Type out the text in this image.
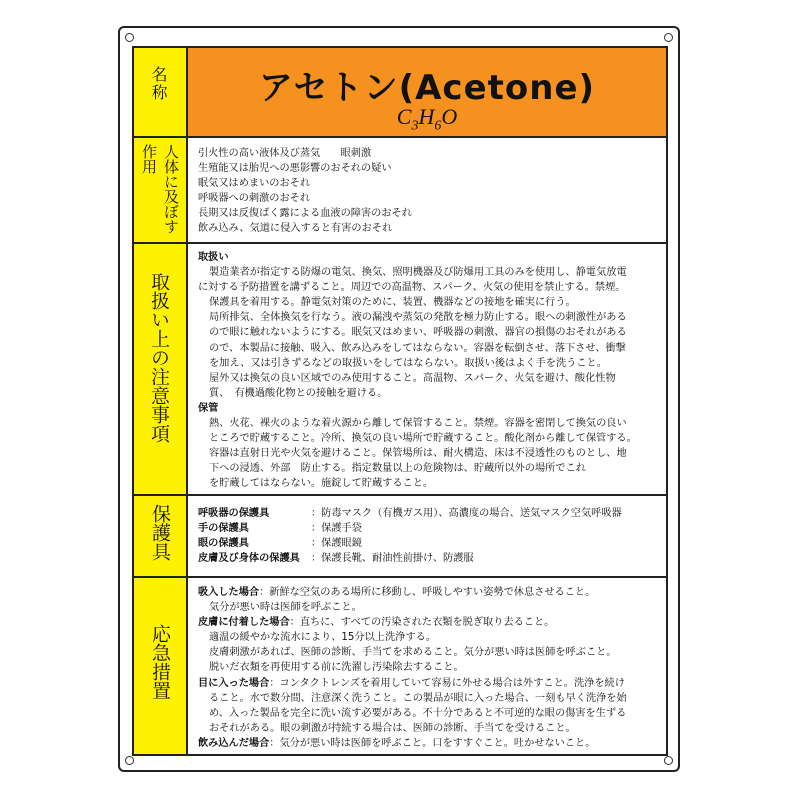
名称	アセトン(Acetone)
$C_3H_6O$
人体に及ぼす作用	引火性の高い液体及び蒸気　　眼刺激
生殖能又は胎児への悪影響のおそれの疑い
眠気又はめまいのおそれ
呼吸器への刺激のおそれ
長期又は反復ばく露による血液の障害のおそれ
飲み込み、気道に侵入すると有害のおそれ
取扱い上の注意事項
取扱い
製造業者が指定する防爆の電気、換気、照明機器及び防爆用工具のみを使用し、静電気放電
に対する予防措置を講ずること。周辺での高温物、スパーク、火気の使用を禁止する。禁煙。
保護具を着用する。静電気対策のために、装置、機器などの接地を確実に行う。
局所排気、全体換気を行なう。液の漏洩や蒸気の発散を極力防止する。眼への刺激性がある
ので眼に触れないようにする。眠気又はめまい、呼吸器の刺激、器官の損傷のおそれがある
ので、本製品に接触、吸入、飲み込みをしてはならない。容器を転倒させ、落下させ、衝撃
を加え、又は引きずるなどの取扱いをしてはならない。取扱い後はよく手を洗うこと。
屋外又は換気の良い区域でのみ使用すること。高温物、スパーク、火気を避け、酸化性物
質、　有機過酸化物との接触を避ける。
保管
熱、火花、裸火のような着火源から離して保管すること。禁煙。容器を密閉して換気の良い
ところで貯蔵すること。冷所、換気の良い場所で貯蔵すること。酸化剤から離して保管する。
容器は直射日光や火気を避けること。保管場所は、耐火構造、床は不浸透性のものとし、地
下への浸透、外部　防止する。指定数量以上の危険物は、貯蔵所以外の場所でこれ
を貯蔵してはならない。施錠して貯蔵すること。
保護具	呼吸器の保護具	：防毒マスク（有機ガス用）、高濃度の場合、送気マスク空気呼吸器
手の保護具	：保護手袋
眼の保護具	：保護眼鏡
皮膚及び身体の保護具 ：保護長靴、耐油性前掛け、防護服
応急措置
吸入した場合：新鮮な空気のある場所に移動し、呼吸しやすい姿勢で休息させること。
気分が悪い時は医師を呼ぶこと。
皮膚に付着した場合：直ちに、すべての汚染された衣類を脱ぎ取り去ること。
適温の緩やかな流水により、15分以上洗浄する。
皮膚刺激があれば、医師の診断、手当てを求めること。気分が悪い時は医師を呼ぶこと。
脱いだ衣類を再使用する前に洗濯し汚染除去すること。
目に入った場合：コンタクトレンズを着用していて容易に外せる場合は外すこと。洗浄を続け
ること。水で数分間、注意深く洗うこと。この製品が眼に入った場合、一刻も早く洗浄を始
め、入った製品を完全に洗い流す必要がある。不十分であると不可逆的な眼の傷害を生ずる
おそれがある。眼の刺激が持続する場合は、医師の診断、手当てを受けること。
飲み込んだ場合：気分が悪い時は医師を呼ぶこと。口をすすぐこと。吐かせないこと。
